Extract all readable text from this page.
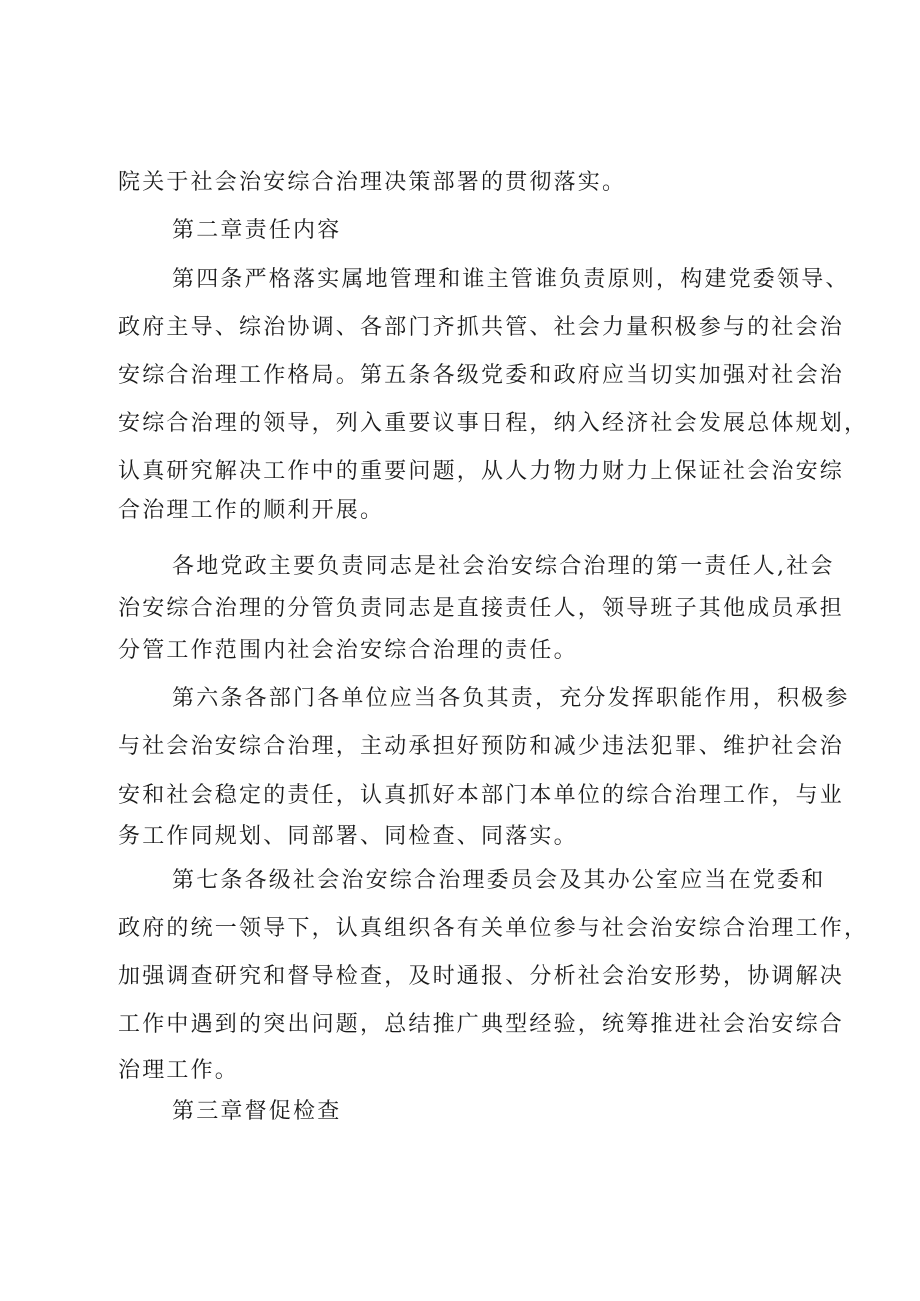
院关于社会治安综合治理决策部署的贯彻落实。
第二章责任内容
第四条严格落实属地管理和谁主管谁负责原则，构建党委领导、
政府主导、综治协调、各部门齐抓共管、社会力量积极参与的社会治
安综合治理工作格局。第五条各级党委和政府应当切实加强对社会治
安综合治理的领导，列入重要议事日程，纳入经济社会发展总体规划，
认真研究解决工作中的重要问题，从人力物力财力上保证社会治安综
合治理工作的顺利开展。
各地党政主要负责同志是社会治安综合治理的第一责任人,社会
治安综合治理的分管负责同志是直接责任人，领导班子其他成员承担
分管工作范围内社会治安综合治理的责任。
第六条各部门各单位应当各负其责，充分发挥职能作用，积极参
与社会治安综合治理，主动承担好预防和减少违法犯罪、维护社会治
安和社会稳定的责任，认真抓好本部门本单位的综合治理工作，与业
务工作同规划、同部署、同检查、同落实。
第七条各级社会治安综合治理委员会及其办公室应当在党委和
政府的统一领导下，认真组织各有关单位参与社会治安综合治理工作，
加强调查研究和督导检查，及时通报、分析社会治安形势，协调解决
工作中遇到的突出问题，总结推广典型经验，统筹推进社会治安综合
治理工作。
第三章督促检查
